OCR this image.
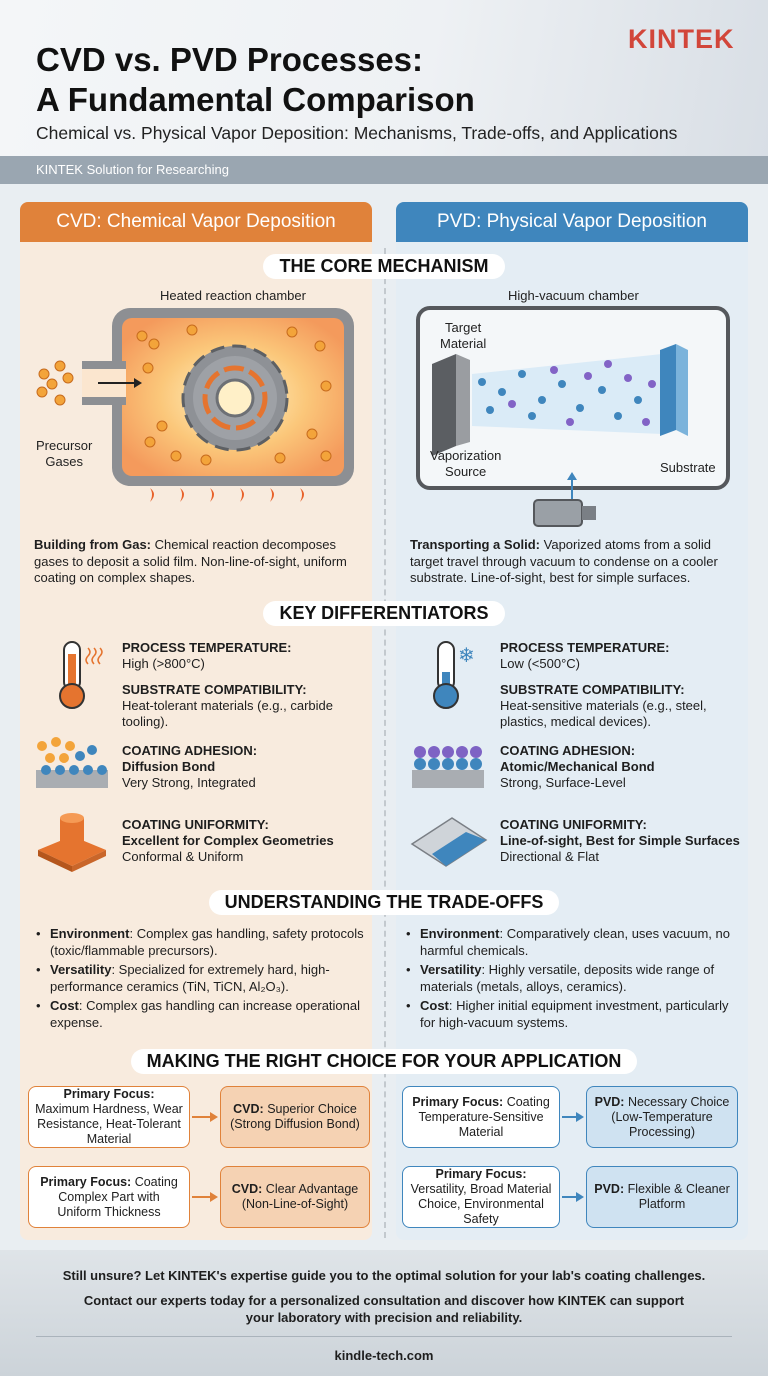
CVD vs. PVD Processes:
A Fundamental Comparison
KINTEK
Chemical vs. Physical Vapor Deposition: Mechanisms, Trade-offs, and Applications
KINTEK Solution for Researching
CVD: Chemical Vapor Deposition	PVD: Physical Vapor Deposition
THE CORE MECHANISM
Heated reaction chamber
Precursor
Gases
High-vacuum chamber
Target
Material
Vaporization
Source	Substrate
Building from Gas: Chemical reaction decomposes gases to deposit a solid film. Non-line-of-sight, uniform coating on complex shapes.
Transporting a Solid: Vaporized atoms from a solid target travel through vacuum to condense on a cooler substrate. Line-of-sight, best for simple surfaces.
KEY DIFFERENTIATORS
❄
PROCESS TEMPERATURE:
High (>800°C)
SUBSTRATE COMPATIBILITY:
Heat-tolerant materials (e.g., carbide tooling).
COATING ADHESION:
Diffusion Bond
Very Strong, Integrated
COATING UNIFORMITY:
Excellent for Complex Geometries
Conformal & Uniform
PROCESS TEMPERATURE:
Low (<500°C)
SUBSTRATE COMPATIBILITY:
Heat-sensitive materials (e.g., steel, plastics, medical devices).
COATING ADHESION:
Atomic/Mechanical Bond
Strong, Surface-Level
COATING UNIFORMITY:
Line-of-sight, Best for Simple Surfaces
Directional & Flat
UNDERSTANDING THE TRADE-OFFS
• Environment: Complex gas handling, safety protocols (toxic/flammable precursors).
• Versatility: Specialized for extremely hard, high-performance ceramics (TiN, TiCN, Al₂O₃).
• Cost: Complex gas handling can increase operational expense.
• Environment: Comparatively clean, uses vacuum, no harmful chemicals.
• Versatility: Highly versatile, deposits wide range of materials (metals, alloys, ceramics).
• Cost: Higher initial equipment investment, particularly for high-vacuum systems.
MAKING THE RIGHT CHOICE FOR YOUR APPLICATION
Primary Focus: Maximum Hardness, Wear Resistance, Heat-Tolerant Material
CVD: Superior Choice (Strong Diffusion Bond)
Primary Focus: Coating Complex Part with Uniform Thickness
CVD: Clear Advantage (Non-Line-of-Sight)
Primary Focus: Coating Temperature-Sensitive Material
PVD: Necessary Choice (Low-Temperature Processing)
Primary Focus: Versatility, Broad Material Choice, Environmental Safety
PVD: Flexible & Cleaner Platform
Still unsure? Let KINTEK's expertise guide you to the optimal solution for your lab's coating challenges.
Contact our experts today for a personalized consultation and discover how KINTEK can support your laboratory with precision and reliability.
kindle-tech.com
